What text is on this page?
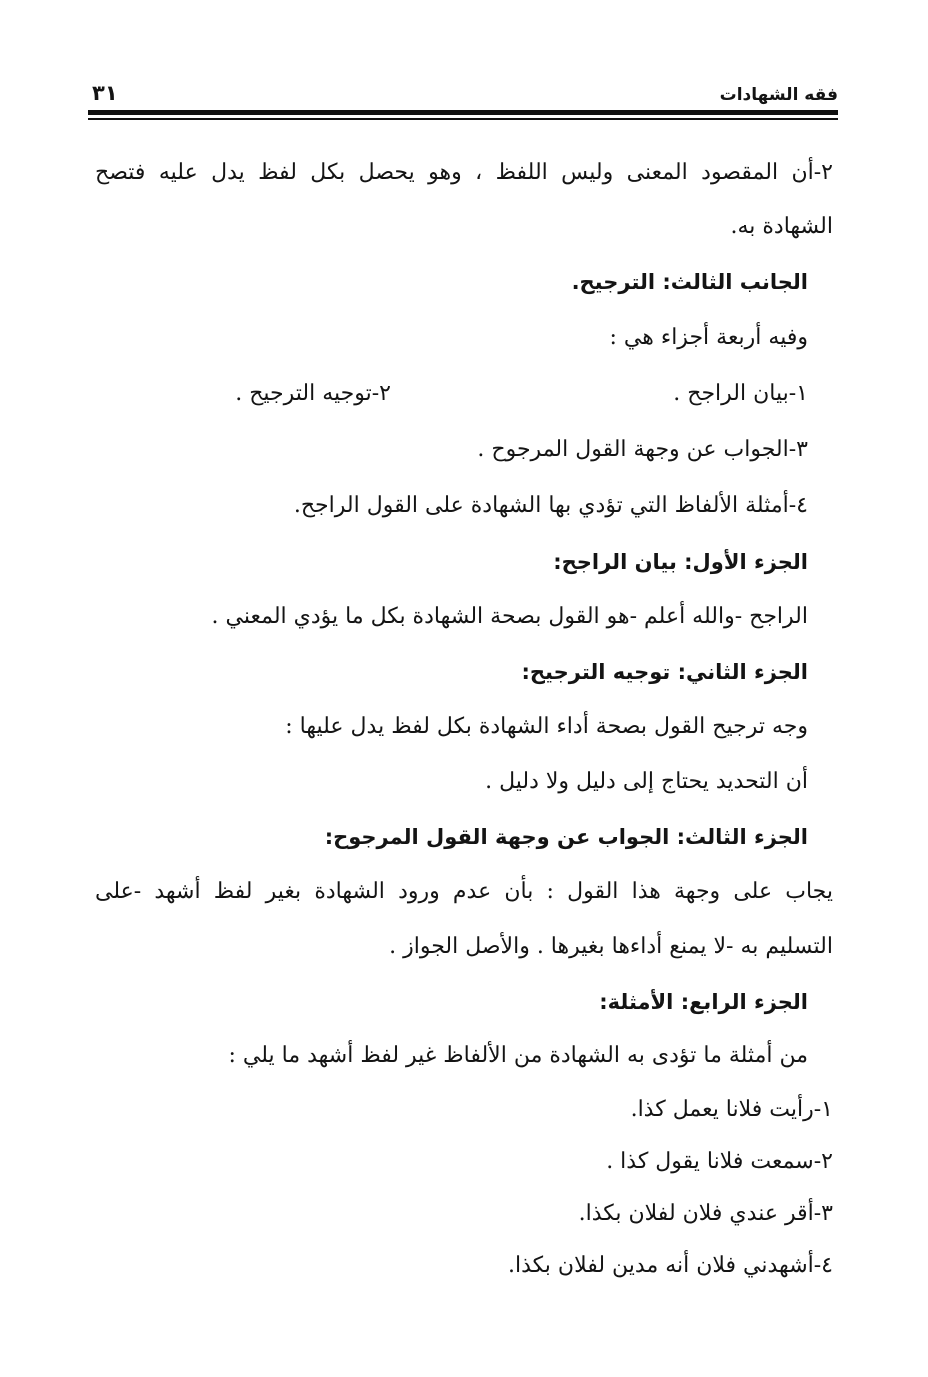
فقه الشهادات
٣١
٢-أن المقصود المعنى وليس اللفظ ، وهو يحصل بكل لفظ يدل عليه فتصح
الشهادة به.
الجانب الثالث: الترجيح.
وفيه أربعة أجزاء هي :
١-بيان الراجح .
٢-توجيه الترجيح .
٣-الجواب عن وجهة القول المرجوح .
٤-أمثلة الألفاظ التي تؤدي بها الشهادة على القول الراجح.
الجزء الأول: بيان الراجح:
الراجح -والله أعلم -هو القول بصحة الشهادة بكل ما يؤدي المعني .
الجزء الثاني: توجيه الترجيح:
وجه ترجيح القول بصحة أداء الشهادة بكل لفظ يدل عليها :
أن التحديد يحتاج إلى دليل ولا دليل .
الجزء الثالث: الجواب عن وجهة القول المرجوح:
يجاب على وجهة هذا القول : بأن عدم ورود الشهادة بغير لفظ أشهد -على
التسليم به -لا يمنع أداءها بغيرها . والأصل الجواز .
الجزء الرابع: الأمثلة:
من أمثلة ما تؤدى به الشهادة من الألفاظ غير لفظ أشهد ما يلي :
١-رأيت فلانا يعمل كذا.
٢-سمعت فلانا يقول كذا .
٣-أقر عندي فلان لفلان بكذا.
٤-أشهدني فلان أنه مدين لفلان بكذا.
